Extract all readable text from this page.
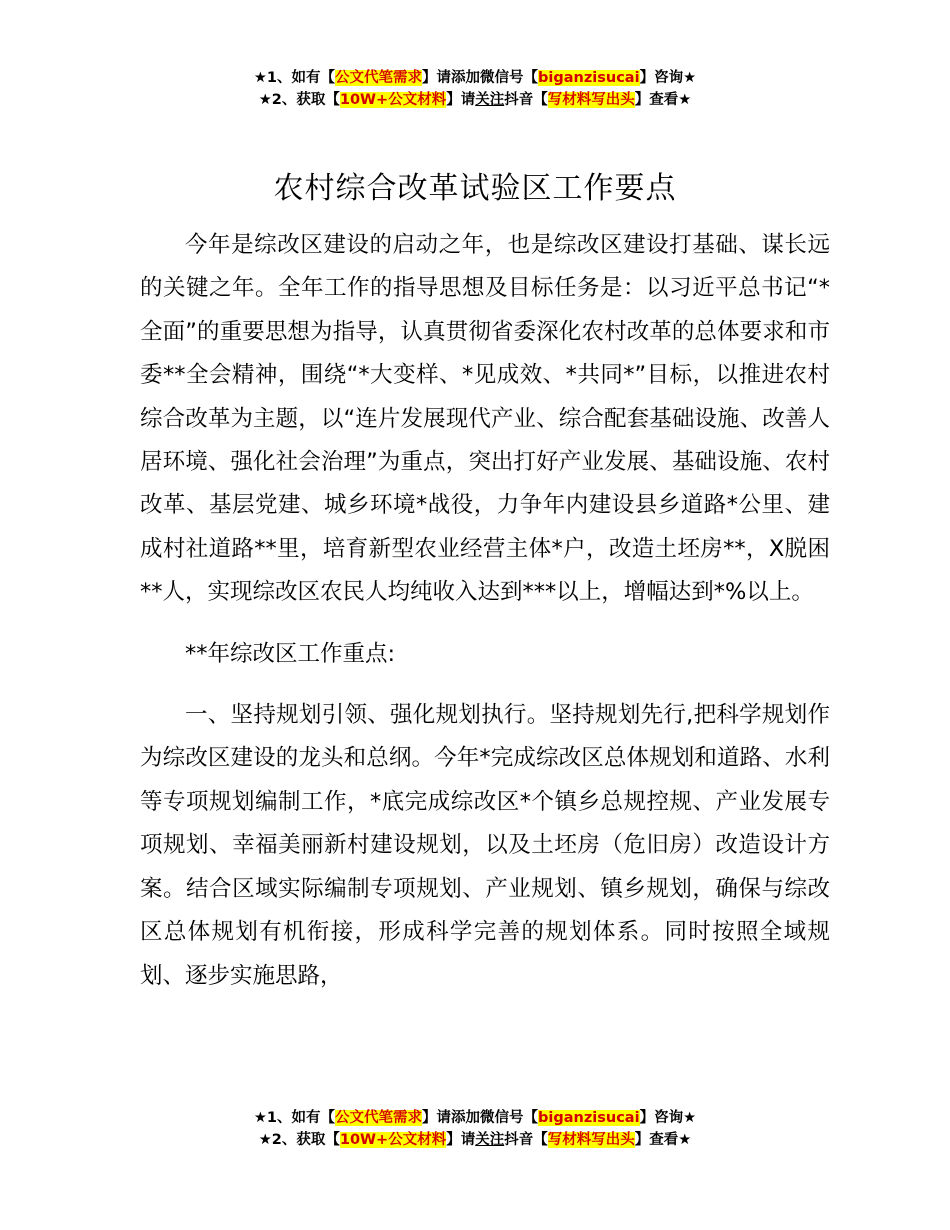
★1、如有【公文代笔需求】请添加微信号【biganzisucai】咨询★
★2、获取【10W+公文材料】请关注抖音【写材料写出头】查看★
农村综合改革试验区工作要点

今年是综改区建设的启动之年，也是综改区建设打基础、谋长远的关键之年。全年工作的指导思想及目标任务是：以习近平总书记“*全面”的重要思想为指导，认真贯彻省委深化农村改革的总体要求和市委**全会精神，围绕“*大变样、*见成效、*共同*”目标，以推进农村综合改革为主题，以“连片发展现代产业、综合配套基础设施、改善人居环境、强化社会治理”为重点，突出打好产业发展、基础设施、农村改革、基层党建、城乡环境*战役，力争年内建设县乡道路*公里、建成村社道路**里，培育新型农业经营主体*户，改造土坯房**，X脱困**人，实现综改区农民人均纯收入达到***以上，增幅达到*%以上。

**年综改区工作重点:

一、坚持规划引领、强化规划执行。坚持规划先行,把科学规划作为综改区建设的龙头和总纲。今年*完成综改区总体规划和道路、水利等专项规划编制工作，*底完成综改区*个镇乡总规控规、产业发展专项规划、幸福美丽新村建设规划，以及土坯房（危旧房）改造设计方案。结合区域实际编制专项规划、产业规划、镇乡规划，确保与综改区总体规划有机衔接，形成科学完善的规划体系。同时按照全域规划、逐步实施思路，

★1、如有【公文代笔需求】请添加微信号【biganzisucai】咨询★
★2、获取【10W+公文材料】请关注抖音【写材料写出头】查看★
